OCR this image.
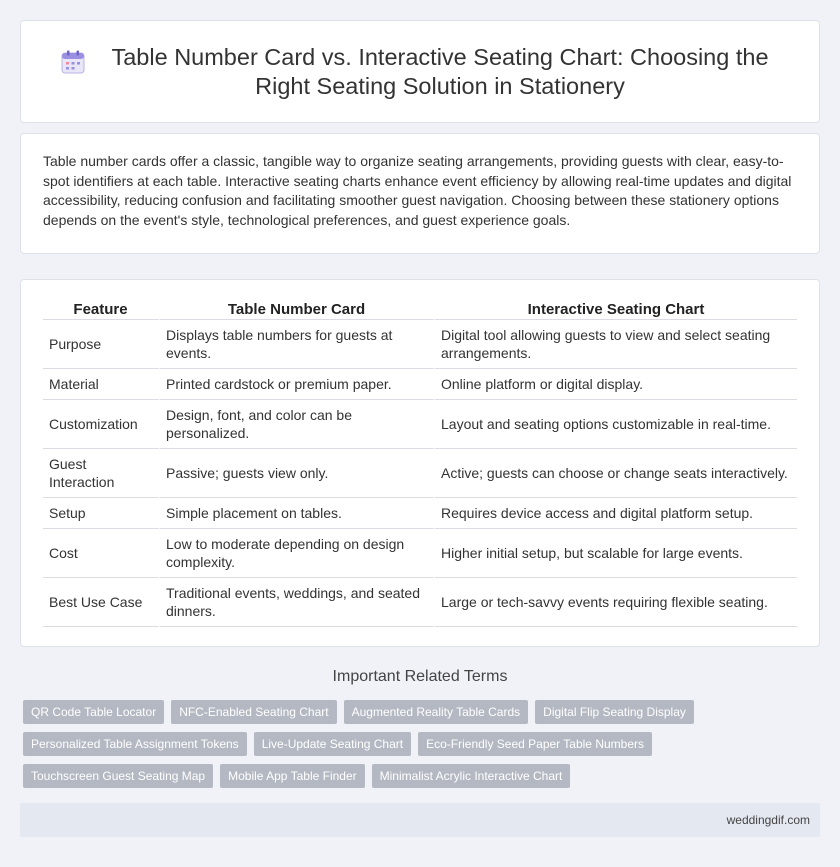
Table Number Card vs. Interactive Seating Chart: Choosing the Right Seating Solution in Stationery

Table number cards offer a classic, tangible way to organize seating arrangements, providing guests with clear, easy-to-spot identifiers at each table. Interactive seating charts enhance event efficiency by allowing real-time updates and digital accessibility, reducing confusion and facilitating smoother guest navigation. Choosing between these stationery options depends on the event's style, technological preferences, and guest experience goals.

Feature	Table Number Card	Interactive Seating Chart
Purpose	Displays table numbers for guests at events.	Digital tool allowing guests to view and select seating arrangements.
Material	Printed cardstock or premium paper.	Online platform or digital display.
Customization	Design, font, and color can be personalized.	Layout and seating options customizable in real-time.
Guest Interaction	Passive; guests view only.	Active; guests can choose or change seats interactively.
Setup	Simple placement on tables.	Requires device access and digital platform setup.
Cost	Low to moderate depending on design complexity.	Higher initial setup, but scalable for large events.
Best Use Case	Traditional events, weddings, and seated dinners.	Large or tech-savvy events requiring flexible seating.
Important Related Terms
QR Code Table Locator	NFC-Enabled Seating Chart	Augmented Reality Table Cards	Digital Flip Seating Display
Personalized Table Assignment Tokens	Live-Update Seating Chart	Eco-Friendly Seed Paper Table Numbers
Touchscreen Guest Seating Map	Mobile App Table Finder	Minimalist Acrylic Interactive Chart
weddingdif.com
